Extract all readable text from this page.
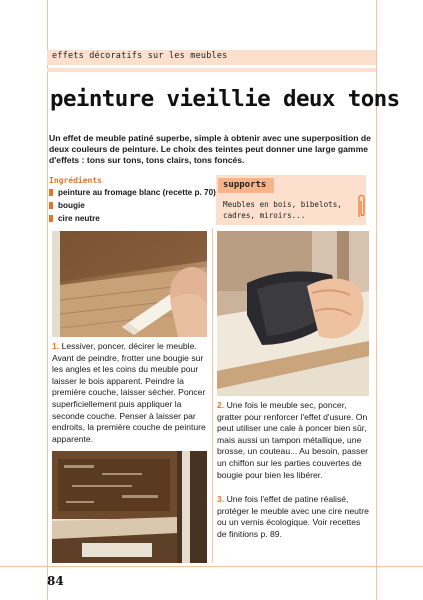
effets décoratifs sur les meubles
peinture vieillie deux tons
Un effet de meuble patiné superbe, simple à obtenir avec une superposition de deux couleurs de peinture. Le choix des teintes peut donner une large gamme d'effets : tons sur tons, tons clairs, tons foncés.
Ingrédients
peinture au fromage blanc (recette p. 70)
bougie
cire neutre
supports
Meubles en bois, bibelots, cadres, miroirs...
1. Lessiver, poncer, décirer le meuble. Avant de peindre, frotter une bougie sur les angles et les coins du meuble pour laisser le bois apparent. Peindre la première couche, laisser sécher. Poncer superficiellement puis appliquer la seconde couche. Penser à laisser par endroits, la première couche de peinture apparente.
2. Une fois le meuble sec, poncer, gratter pour renforcer l'effet d'usure. On peut utiliser une cale à poncer bien sûr, mais aussi un tampon métallique, une brosse, un couteau... Au besoin, passer un chiffon sur les parties couvertes de bougie pour bien les libérer.
3. Une fois l'effet de patine réalisé, protéger le meuble avec une cire neutre ou un vernis écologique. Voir recettes de finitions p. 89.
84
